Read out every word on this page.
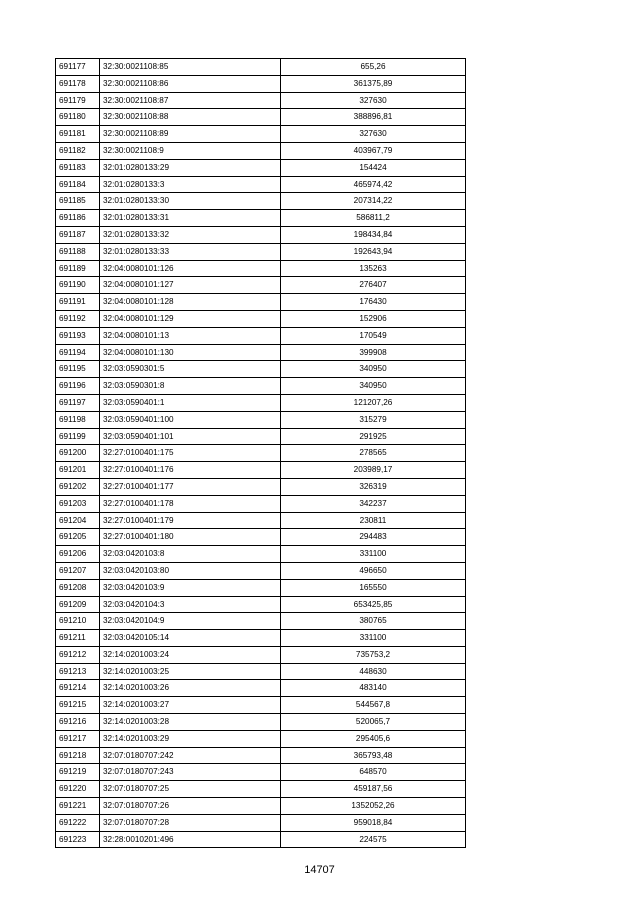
691177	32:30:0021108:85	655,26
691178	32:30:0021108:86	361375,89
691179	32:30:0021108:87	327630
691180	32:30:0021108:88	388896,81
691181	32:30:0021108:89	327630
691182	32:30:0021108:9	403967,79
691183	32:01:0280133:29	154424
691184	32:01:0280133:3	465974,42
691185	32:01:0280133:30	207314,22
691186	32:01:0280133:31	586811,2
691187	32:01:0280133:32	198434,84
691188	32:01:0280133:33	192643,94
691189	32:04:0080101:126	135263
691190	32:04:0080101:127	276407
691191	32:04:0080101:128	176430
691192	32:04:0080101:129	152906
691193	32:04:0080101:13	170549
691194	32:04:0080101:130	399908
691195	32:03:0590301:5	340950
691196	32:03:0590301:8	340950
691197	32:03:0590401:1	121207,26
691198	32:03:0590401:100	315279
691199	32:03:0590401:101	291925
691200	32:27:0100401:175	278565
691201	32:27:0100401:176	203989,17
691202	32:27:0100401:177	326319
691203	32:27:0100401:178	342237
691204	32:27:0100401:179	230811
691205	32:27:0100401:180	294483
691206	32:03:0420103:8	331100
691207	32:03:0420103:80	496650
691208	32:03:0420103:9	165550
691209	32:03:0420104:3	653425,85
691210	32:03:0420104:9	380765
691211	32:03:0420105:14	331100
691212	32:14:0201003:24	735753,2
691213	32:14:0201003:25	448630
691214	32:14:0201003:26	483140
691215	32:14:0201003:27	544567,8
691216	32:14:0201003:28	520065,7
691217	32:14:0201003:29	295405,6
691218	32:07:0180707:242	365793,48
691219	32:07:0180707:243	648570
691220	32:07:0180707:25	459187,56
691221	32:07:0180707:26	1352052,26
691222	32:07:0180707:28	959018,84
691223	32:28:0010201:496	224575
14707
